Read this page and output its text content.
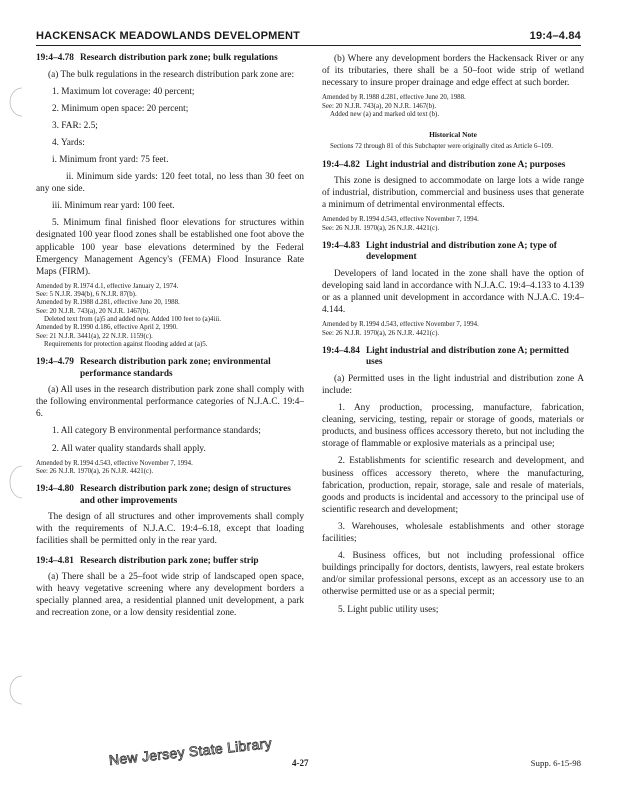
HACKENSACK MEADOWLANDS DEVELOPMENT	19:4–4.84
19:4–4.78 Research distribution park zone; bulk regulations

(a) The bulk regulations in the research distribution park zone are:

1. Maximum lot coverage: 40 percent;

2. Minimum open space: 20 percent;

3. FAR: 2.5;

4. Yards:

i. Minimum front yard: 75 feet.

ii. Minimum side yards: 120 feet total, no less than 30 feet on any one side.

iii. Minimum rear yard: 100 feet.

5. Minimum final finished floor elevations for structures within designated 100 year flood zones shall be established one foot above the applicable 100 year base elevations determined by the Federal Emergency Management Agency's (FEMA) Flood Insurance Rate Maps (FIRM).

Amended by R.1974 d.1, effective January 2, 1974.
See: 5 N.J.R. 394(b), 6 N.J.R. 87(b).
Amended by R.1988 d.281, effective June 20, 1988.
See: 20 N.J.R. 743(a), 20 N.J.R. 1467(b).
Deleted text from (a)5 and added new. Added 100 feet to (a)4iii.
Amended by R.1990 d.186, effective April 2, 1990.
See: 21 N.J.R. 3441(a), 22 N.J.R. 1159(c).
Requirements for protection against flooding added at (a)5.
19:4–4.79 Research distribution park zone; environmental performance standards

(a) All uses in the research distribution park zone shall comply with the following environmental performance categories of N.J.A.C. 19:4–6.

1. All category B environmental performance standards;

2. All water quality standards shall apply.

Amended by R.1994 d.543, effective November 7, 1994.
See: 26 N.J.R. 1970(a), 26 N.J.R. 4421(c).
19:4–4.80 Research distribution park zone; design of structures and other improvements

The design of all structures and other improvements shall comply with the requirements of N.J.A.C. 19:4–6.18, except that loading facilities shall be permitted only in the rear yard.

19:4–4.81 Research distribution park zone; buffer strip

(a) There shall be a 25–foot wide strip of landscaped open space, with heavy vegetative screening where any development borders a specially planned area, a residential planned unit development, a park and recreation zone, or a low density residential zone.

(b) Where any development borders the Hackensack River or any of its tributaries, there shall be a 50–foot wide strip of wetland necessary to insure proper drainage and edge effect at such border.

Amended by R.1988 d.281, effective June 20, 1988.
See: 20 N.J.R. 743(a), 20 N.J.R. 1467(b).
Added new (a) and marked old text (b).
Historical Note

Sections 72 through 81 of this Subchapter were originally cited as Article 6–109.

19:4–4.82 Light industrial and distribution zone A; purposes

This zone is designed to accommodate on large lots a wide range of industrial, distribution, commercial and business uses that generate a minimum of detrimental environmental effects.

Amended by R.1994 d.543, effective November 7, 1994.
See: 26 N.J.R. 1970(a), 26 N.J.R. 4421(c).
19:4–4.83 Light industrial and distribution zone A; type of development

Developers of land located in the zone shall have the option of developing said land in accordance with N.J.A.C. 19:4–4.133 to 4.139 or as a planned unit development in accordance with N.J.A.C. 19:4–4.144.

Amended by R.1994 d.543, effective November 7, 1994.
See: 26 N.J.R. 1970(a), 26 N.J.R. 4421(c).
19:4–4.84 Light industrial and distribution zone A; permitted uses

(a) Permitted uses in the light industrial and distribution zone A include:

1. Any production, processing, manufacture, fabrication, cleaning, servicing, testing, repair or storage of goods, materials or products, and business offices accessory thereto, but not including the storage of flammable or explosive materials as a principal use;

2. Establishments for scientific research and development, and business offices accessory thereto, where the manufacturing, fabrication, production, repair, storage, sale and resale of materials, goods and products is incidental and accessory to the principal use of scientific research and development;

3. Warehouses, wholesale establishments and other storage facilities;

4. Business offices, but not including professional office buildings principally for doctors, dentists, lawyers, real estate brokers and/or similar professional persons, except as an accessory use to an otherwise permitted use or as a special permit;

5. Light public utility uses;

New Jersey State Library 4-27	Supp. 6-15-98
